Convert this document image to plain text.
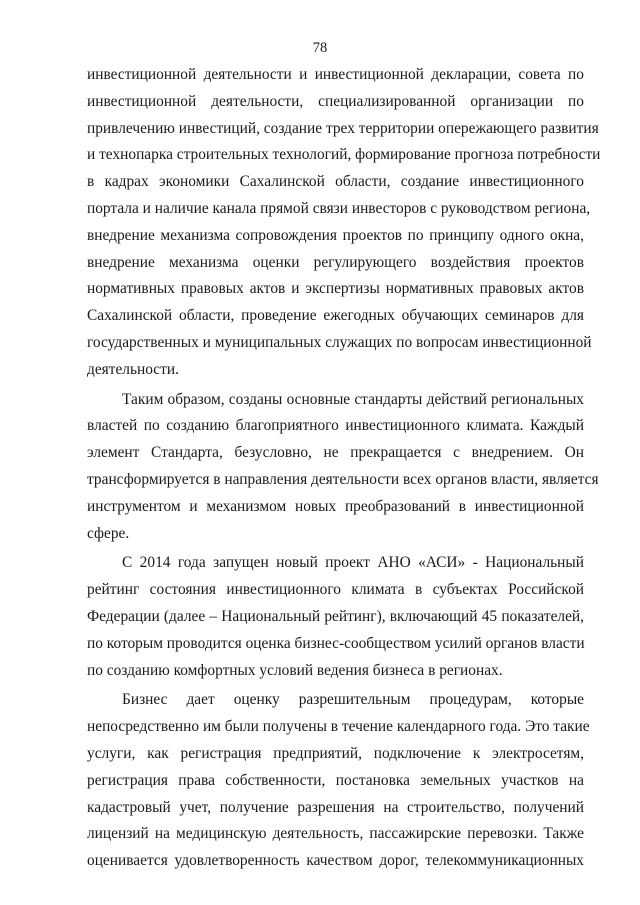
78
инвестиционной деятельности и инвестиционной декларации, совета по
инвестиционной деятельности, специализированной организации по
привлечению инвестиций, создание трех территории опережающего развития
и технопарка строительных технологий, формирование прогноза потребности
в кадрах экономики Сахалинской области, создание инвестиционного
портала и наличие канала прямой связи инвесторов с руководством региона,
внедрение механизма сопровождения проектов по принципу одного окна,
внедрение механизма оценки регулирующего воздействия проектов
нормативных правовых актов и экспертизы нормативных правовых актов
Сахалинской области, проведение ежегодных обучающих семинаров для
государственных и муниципальных служащих по вопросам инвестиционной
деятельности.
Таким образом, созданы основные стандарты действий региональных
властей по созданию благоприятного инвестиционного климата. Каждый
элемент Стандарта, безусловно, не прекращается с внедрением. Он
трансформируется в направления деятельности всех органов власти, является
инструментом и механизмом новых преобразований в инвестиционной
сфере.
С 2014 года запущен новый проект АНО «АСИ» - Национальный
рейтинг состояния инвестиционного климата в субъектах Российской
Федерации (далее – Национальный рейтинг), включающий 45 показателей,
по которым проводится оценка бизнес-сообществом усилий органов власти
по созданию комфортных условий ведения бизнеса в регионах.
Бизнес дает оценку разрешительным процедурам, которые
непосредственно им были получены в течение календарного года. Это такие
услуги, как регистрация предприятий, подключение к электросетям,
регистрация права собственности, постановка земельных участков на
кадастровый учет, получение разрешения на строительство, получений
лицензий на медицинскую деятельность, пассажирские перевозки. Также
оценивается удовлетворенность качеством дорог, телекоммуникационных
